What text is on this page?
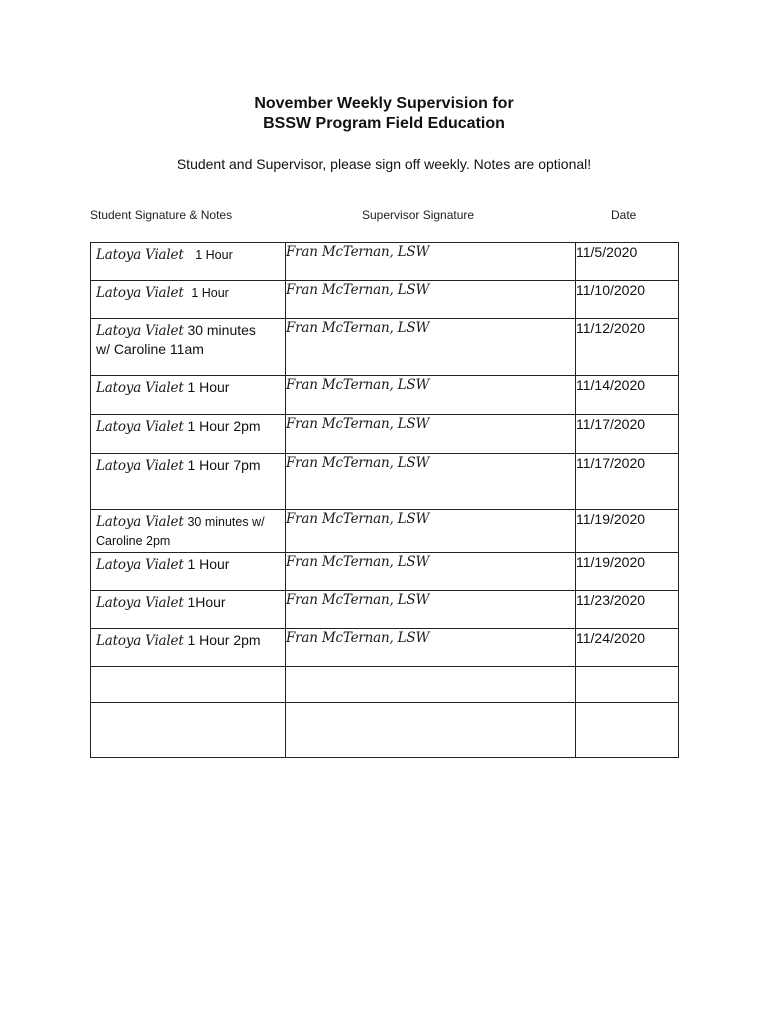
November Weekly Supervision for
BSSW Program Field Education
Student and Supervisor, please sign off weekly. Notes are optional!
Student Signature & Notes	Supervisor Signature	Date
Latoya Vialet 1 Hour	Fran McTernan, LSW	11/5/2020

Latoya Vialet 1 Hour	Fran McTernan, LSW	11/10/2020

Latoya Vialet 30 minutes
w/ Caroline 11am	Fran McTernan, LSW	11/12/2020

Latoya Vialet 1 Hour	Fran McTernan, LSW	11/14/2020

Latoya Vialet 1 Hour 2pm	Fran McTernan, LSW	11/17/2020

Latoya Vialet 1 Hour 7pm	Fran McTernan, LSW	11/17/2020

Latoya Vialet 30 minutes w/
Caroline 2pm	Fran McTernan, LSW	11/19/2020

Latoya Vialet 1 Hour	Fran McTernan, LSW	11/19/2020

Latoya Vialet 1Hour	Fran McTernan, LSW	11/23/2020

Latoya Vialet 1 Hour 2pm	Fran McTernan, LSW	11/24/2020
